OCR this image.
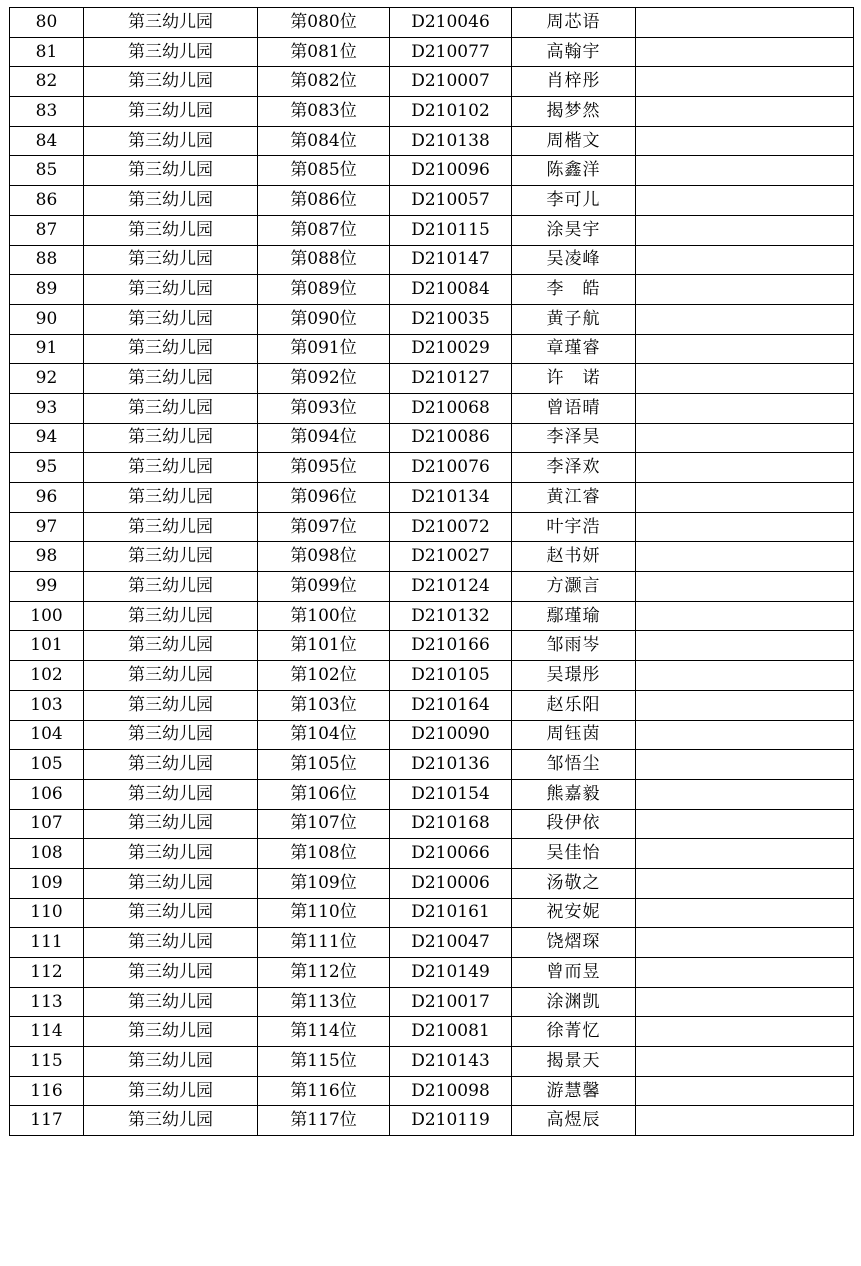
80	第三幼儿园	第080位	D210046	周芯语	
81	第三幼儿园	第081位	D210077	高翰宇	
82	第三幼儿园	第082位	D210007	肖梓彤	
83	第三幼儿园	第083位	D210102	揭梦然	
84	第三幼儿园	第084位	D210138	周楷文	
85	第三幼儿园	第085位	D210096	陈鑫洋	
86	第三幼儿园	第086位	D210057	李可儿	
87	第三幼儿园	第087位	D210115	涂昊宇	
88	第三幼儿园	第088位	D210147	吴凌峰	
89	第三幼儿园	第089位	D210084	李　皓	
90	第三幼儿园	第090位	D210035	黄子航	
91	第三幼儿园	第091位	D210029	章瑾睿	
92	第三幼儿园	第092位	D210127	许　诺	
93	第三幼儿园	第093位	D210068	曾语晴	
94	第三幼儿园	第094位	D210086	李泽昊	
95	第三幼儿园	第095位	D210076	李泽欢	
96	第三幼儿园	第096位	D210134	黄江睿	
97	第三幼儿园	第097位	D210072	叶宇浩	
98	第三幼儿园	第098位	D210027	赵书妍	
99	第三幼儿园	第099位	D210124	方灏言	
100	第三幼儿园	第100位	D210132	鄢瑾瑜	
101	第三幼儿园	第101位	D210166	邹雨岑	
102	第三幼儿园	第102位	D210105	吴璟彤	
103	第三幼儿园	第103位	D210164	赵乐阳	
104	第三幼儿园	第104位	D210090	周钰茵	
105	第三幼儿园	第105位	D210136	邹悟尘	
106	第三幼儿园	第106位	D210154	熊嘉毅	
107	第三幼儿园	第107位	D210168	段伊依	
108	第三幼儿园	第108位	D210066	吴佳怡	
109	第三幼儿园	第109位	D210006	汤敬之	
110	第三幼儿园	第110位	D210161	祝安妮	
111	第三幼儿园	第111位	D210047	饶熠琛	
112	第三幼儿园	第112位	D210149	曾而昱	
113	第三幼儿园	第113位	D210017	涂渊凯	
114	第三幼儿园	第114位	D210081	徐菁忆	
115	第三幼儿园	第115位	D210143	揭景天	
116	第三幼儿园	第116位	D210098	游慧馨	
117	第三幼儿园	第117位	D210119	高煜辰	
